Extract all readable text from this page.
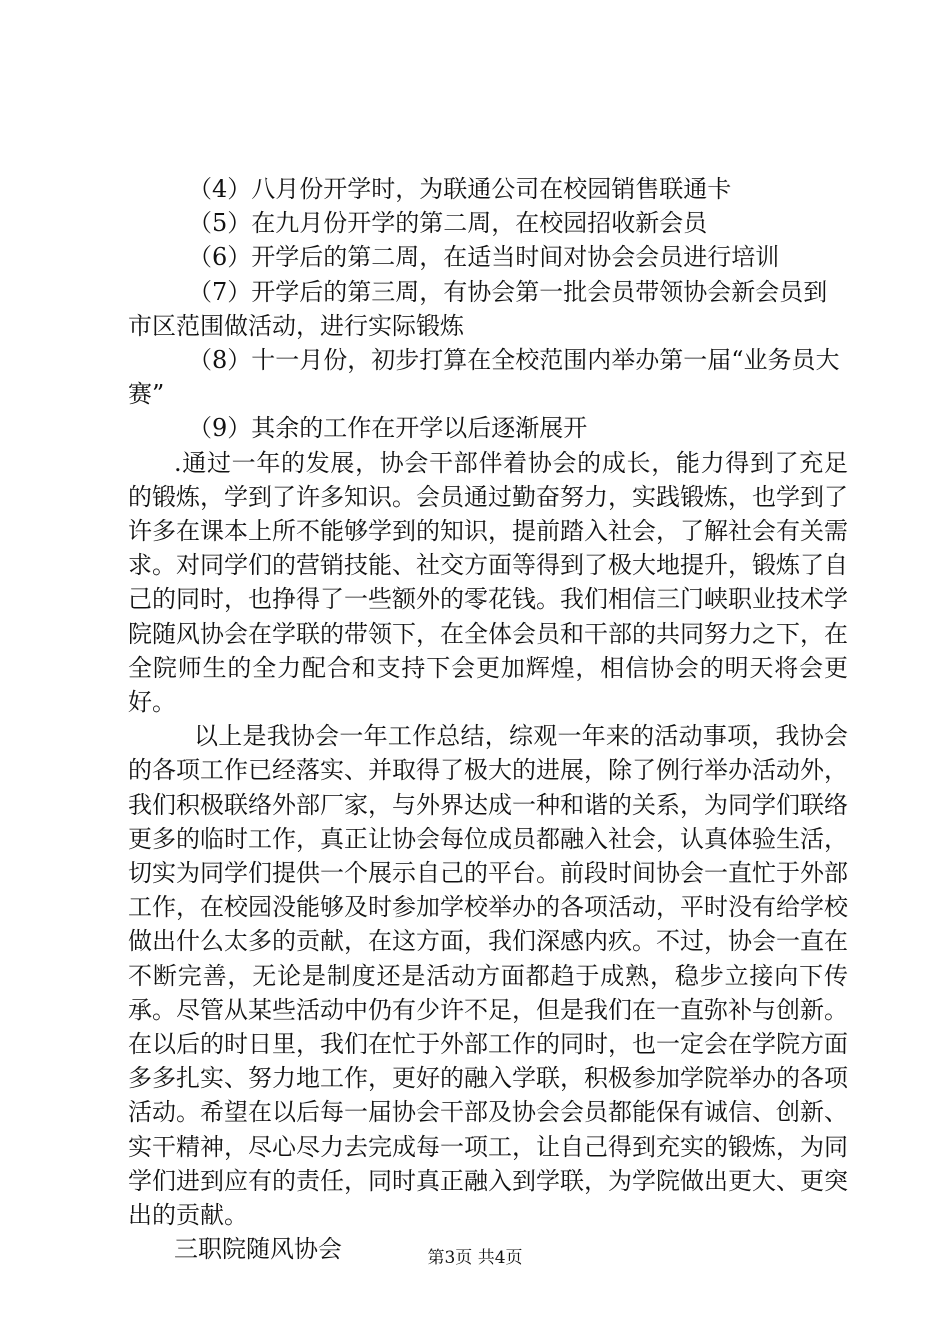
（4）八月份开学时，为联通公司在校园销售联通卡

（5）在九月份开学的第二周，在校园招收新会员

（6）开学后的第二周，在适当时间对协会会员进行培训

（7）开学后的第三周，有协会第一批会员带领协会新会员到市区范围做活动，进行实际锻炼

（8）十一月份，初步打算在全校范围内举办第一届“业务员大赛”

（9）其余的工作在开学以后逐渐展开

.通过一年的发展，协会干部伴着协会的成长，能力得到了充足的锻炼，学到了许多知识。会员通过勤奋努力，实践锻炼，也学到了许多在课本上所不能够学到的知识，提前踏入社会，了解社会有关需求。对同学们的营销技能、社交方面等得到了极大地提升，锻炼了自己的同时，也挣得了一些额外的零花钱。我们相信三门峡职业技术学院随风协会在学联的带领下，在全体会员和干部的共同努力之下，在全院师生的全力配合和支持下会更加辉煌，相信协会的明天将会更好。

以上是我协会一年工作总结，综观一年来的活动事项，我协会的各项工作已经落实、并取得了极大的进展，除了例行举办活动外，我们积极联络外部厂家，与外界达成一种和谐的关系，为同学们联络更多的临时工作，真正让协会每位成员都融入社会，认真体验生活，切实为同学们提供一个展示自己的平台。前段时间协会一直忙于外部工作，在校园没能够及时参加学校举办的各项活动，平时没有给学校做出什么太多的贡献，在这方面，我们深感内疚。不过，协会一直在不断完善，无论是制度还是活动方面都趋于成熟，稳步立接向下传承。尽管从某些活动中仍有少许不足，但是我们在一直弥补与创新。在以后的时日里，我们在忙于外部工作的同时，也一定会在学院方面多多扎实、努力地工作，更好的融入学联，积极参加学院举办的各项活动。希望在以后每一届协会干部及协会会员都能保有诚信、创新、实干精神，尽心尽力去完成每一项工，让自己得到充实的锻炼，为同学们进到应有的责任，同时真正融入到学联，为学院做出更大、更突出的贡献。

三职院随风协会	第3页 共4页
